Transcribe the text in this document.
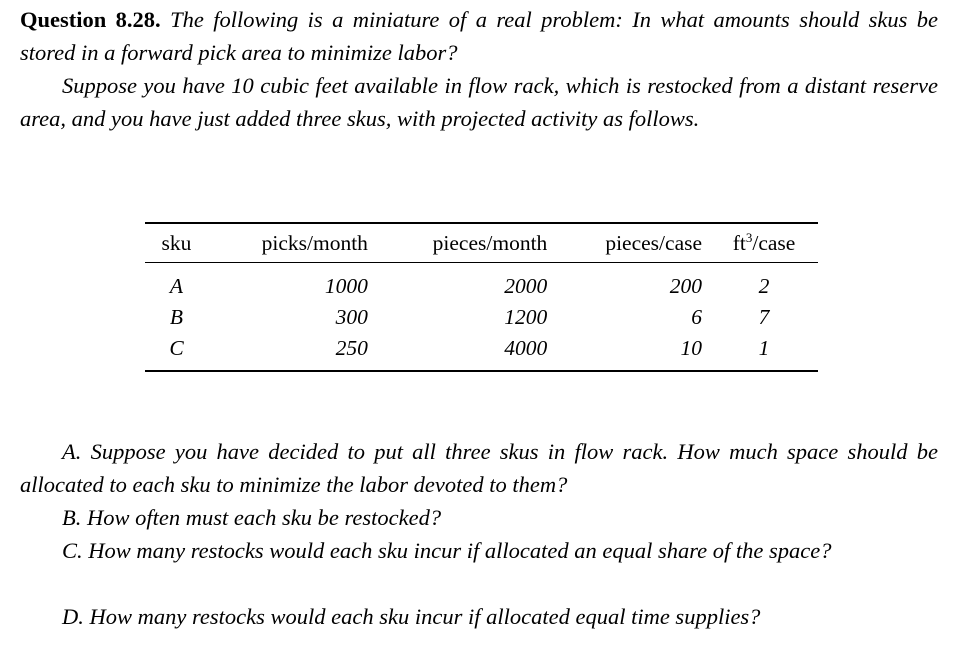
Question 8.28. The following is a miniature of a real problem: In what amounts should skus be stored in a forward pick area to minimize labor?
Suppose you have 10 cubic feet available in flow rack, which is restocked from a distant reserve area, and you have just added three skus, with projected activity as follows.
sku	picks/month	pieces/month	pieces/case	$ft^3$/case
A	1000	2000	200	2
B	300	1200	6	7
C	250	4000	10	1
A. Suppose you have decided to put all three skus in flow rack. How much space should be allocated to each sku to minimize the labor devoted to them?
B. How often must each sku be restocked?
C. How many restocks would each sku incur if allocated an equal share of the space?
D. How many restocks would each sku incur if allocated equal time supplies?
